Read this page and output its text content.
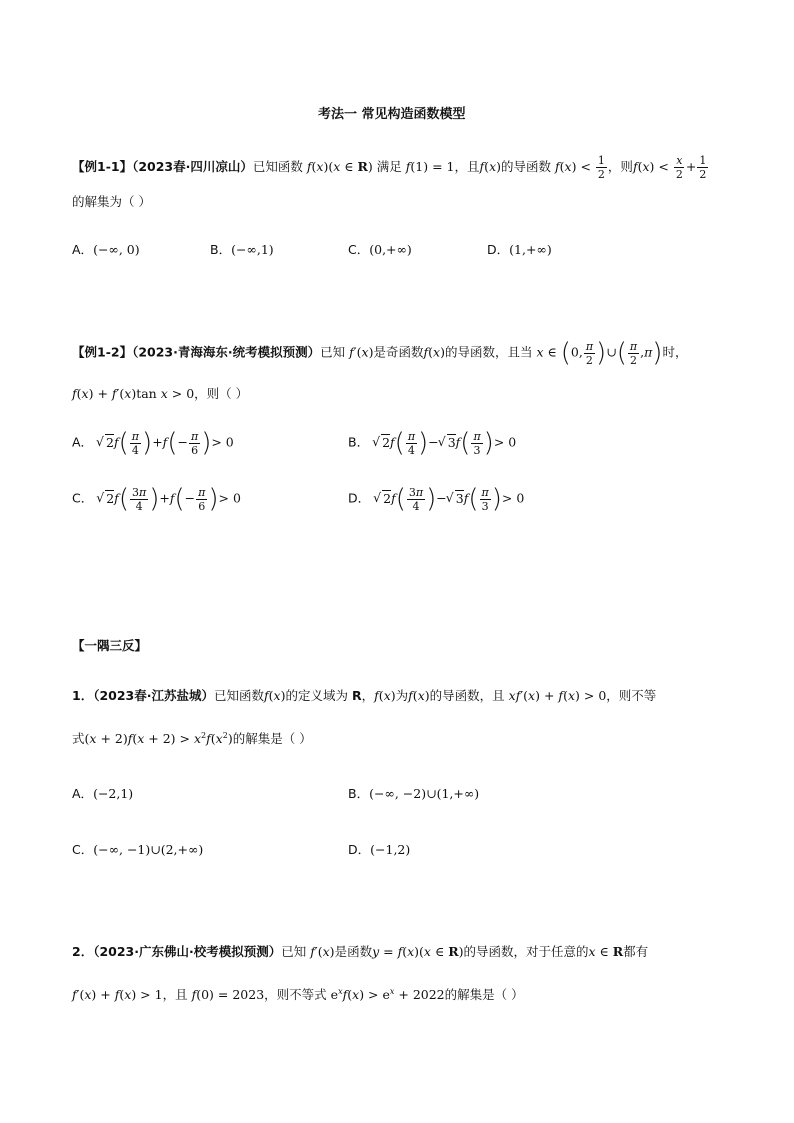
考法一 常见构造函数模型
【例1-1】（2023春·四川凉山）已知函数 f(x)(x ∈ R) 满足 f(1) = 1，且f(x)的导函数 $f(x) < \frac{1}{2}$ ，则$f(x) < \frac{x}{2} + \frac{1}{2}$
的解集为（ ）
A．(−∞, 0)	B．(−∞,1)	C．(0,+∞)	D．(1,+∞)
【例1-2】（2023·青海海东·统考模拟预测）已知 f′(x)是奇函数f(x)的导函数，且当 x ∈ (0, $\frac{\pi}{2}$ )∪( $\frac{\pi}{2} ,\pi$)时，
f(x) + f′(x)tan x > 0，则（ ）
A． √ $2f( \frac{\pi}{4} )+f(- \frac{\pi}{6}$ )> 0	B． √ $2f( \frac{\pi}{4}$ )− √ $3f( \frac{\pi}{3}$ )> 0
C． √ $2f( \frac{3\pi}{4} )+f(- \frac{\pi}{6}$ )> 0	D． √ $2f( \frac{3\pi}{4}$ )− √ $3f( \frac{\pi}{3}$ )> 0
【一隅三反】
1．（2023春·江苏盐城）已知函数f(x)的定义域为 R，f(x)为f(x)的导函数，且 xf′(x) + f(x) > 0，则不等
式$(x + 2)f(x + 2) > x^2f(x^2)$的解集是（ ）
A．(−2,1)	B．(−∞, −2)∪(1,+∞)
C．(−∞, −1)∪(2,+∞)	D．(−1,2)
2．（2023·广东佛山·校考模拟预测）已知 f′(x)是函数y = f(x)(x ∈ R)的导函数，对于任意的x ∈ R都有
f′(x) + f(x) > 1，且 f(0) = 2023，则不等式 $e^xf(x) > e^x + 2022$的解集是（ ）
